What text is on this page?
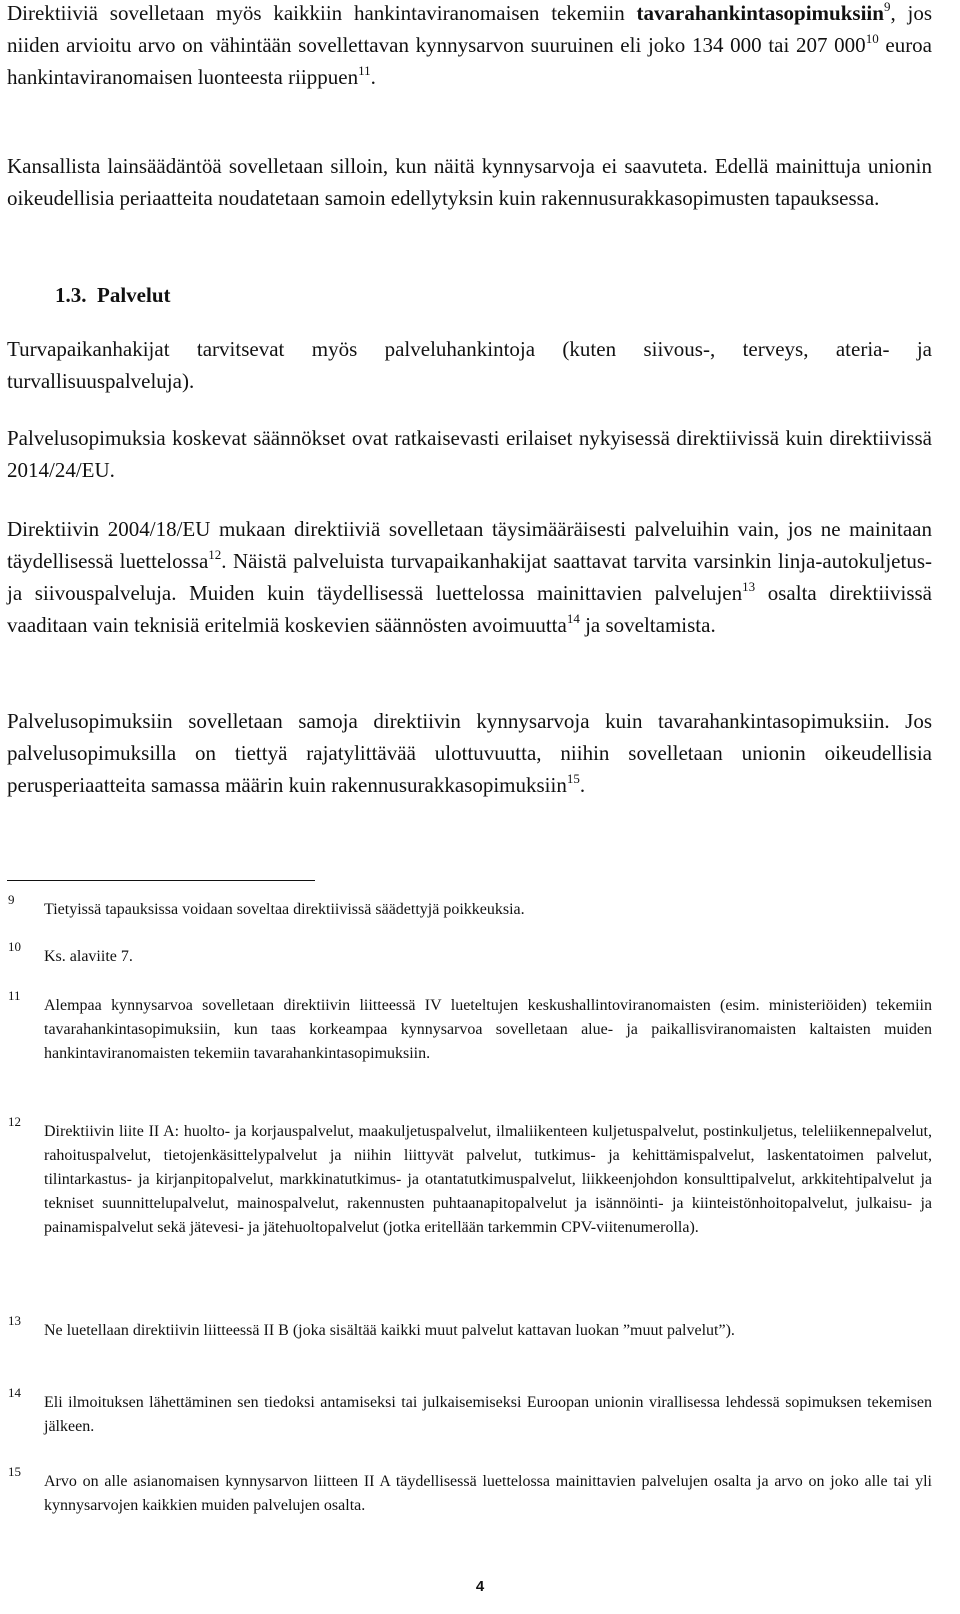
Direktiiviä sovelletaan myös kaikkiin hankintaviranomaisen tekemiin tavarahankintasopimuksiin$^9$, jos niiden arvioitu arvo on vähintään sovellettavan kynnysarvon suuruinen eli joko 134 000 tai 207 $000^{10}$ euroa hankintaviranomaisen luonteesta riippuen$^{11}$.

Kansallista lainsäädäntöä sovelletaan silloin, kun näitä kynnysarvoja ei saavuteta. Edellä mainittuja unionin oikeudellisia periaatteita noudatetaan samoin edellytyksin kuin rakennusurakkasopimusten tapauksessa.

1.3.  Palvelut

Turvapaikanhakijat tarvitsevat myös palveluhankintoja (kuten siivous-, terveys, ateria- ja turvallisuuspalveluja).

Palvelusopimuksia koskevat säännökset ovat ratkaisevasti erilaiset nykyisessä direktiivissä kuin direktiivissä 2014/24/EU.

Direktiivin 2004/18/EU mukaan direktiiviä sovelletaan täysimääräisesti palveluihin vain, jos ne mainitaan täydellisessä luettelossa$^{12}$. Näistä palveluista turvapaikanhakijat saattavat tarvita varsinkin linja-autokuljetus- ja siivouspalveluja. Muiden kuin täydellisessä luettelossa mainittavien palvelujen$^{13}$ osalta direktiivissä vaaditaan vain teknisiä eritelmiä koskevien säännösten avoimuutta$^{14}$ ja soveltamista.

Palvelusopimuksiin sovelletaan samoja direktiivin kynnysarvoja kuin tavarahankintasopimuksiin. Jos palvelusopimuksilla on tiettyä rajatylittävää ulottuvuutta, niihin sovelletaan unionin oikeudellisia perusperiaatteita samassa määrin kuin rakennusurakkasopimuksiin$^{15}$.

9
Tietyissä tapauksissa voidaan soveltaa direktiivissä säädettyjä poikkeuksia.
10
Ks. alaviite 7.
11
Alempaa kynnysarvoa sovelletaan direktiivin liitteessä IV lueteltujen keskushallintoviranomaisten (esim. ministeriöiden) tekemiin tavarahankintasopimuksiin, kun taas korkeampaa kynnysarvoa sovelletaan alue- ja paikallisviranomaisten kaltaisten muiden hankintaviranomaisten tekemiin tavarahankintasopimuksiin.
12
Direktiivin liite II A: huolto- ja korjauspalvelut, maakuljetuspalvelut, ilmaliikenteen kuljetuspalvelut, postinkuljetus, teleliikennepalvelut, rahoituspalvelut, tietojenkäsittelypalvelut ja niihin liittyvät palvelut, tutkimus- ja kehittämispalvelut, laskentatoimen palvelut, tilintarkastus- ja kirjanpitopalvelut, markkinatutkimus- ja otantatutkimuspalvelut, liikkeenjohdon konsulttipalvelut, arkkitehtipalvelut ja tekniset suunnittelupalvelut, mainospalvelut, rakennusten puhtaanapitopalvelut ja isännöinti- ja kiinteistönhoitopalvelut, julkaisu- ja painamispalvelut sekä jätevesi- ja jätehuoltopalvelut (jotka eritellään tarkemmin CPV-viitenumerolla).
13
Ne luetellaan direktiivin liitteessä II B (joka sisältää kaikki muut palvelut kattavan luokan ”muut palvelut”).
14
Eli ilmoituksen lähettäminen sen tiedoksi antamiseksi tai julkaisemiseksi Euroopan unionin virallisessa lehdessä sopimuksen tekemisen jälkeen.
15
Arvo on alle asianomaisen kynnysarvon liitteen II A täydellisessä luettelossa mainittavien palvelujen osalta ja arvo on joko alle tai yli kynnysarvojen kaikkien muiden palvelujen osalta.
4
